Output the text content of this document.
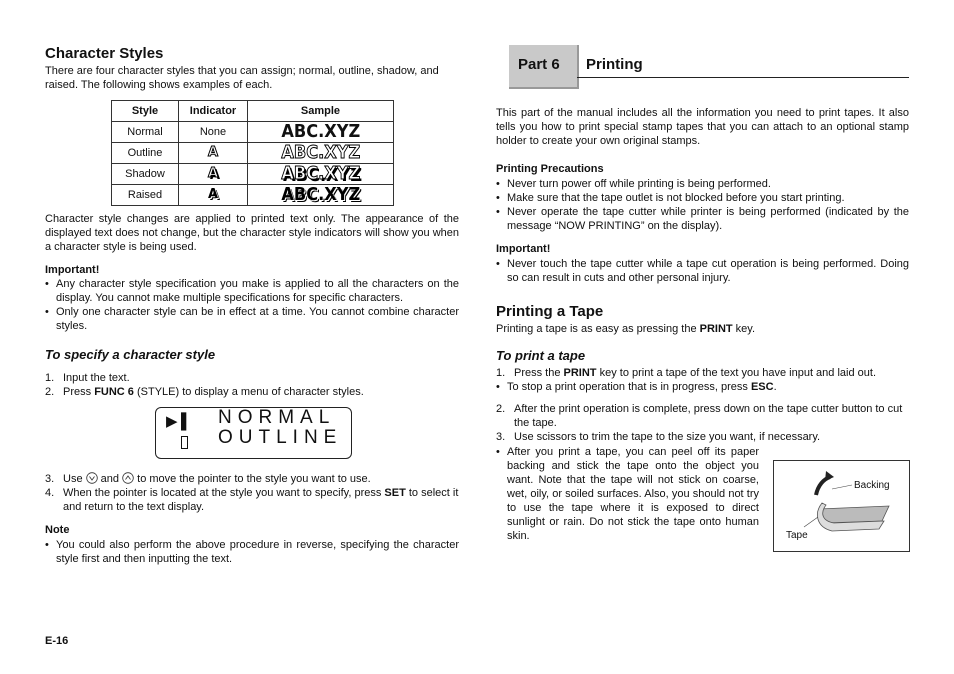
Character Styles

There are four character styles that you can assign; normal, outline, shadow, and raised. The following shows examples of each.

Style	Indicator	Sample
Normal	None	ABC.XYZ
Outline	A	ABC.XYZ
Shadow	A	ABC.XYZ
Raised	A	ABC.XYZ

Character style changes are applied to printed text only. The appearance of the displayed text does not change, but the character style indicators will show you when a character style is being used.

Important!

• Any character style specification you make is applied to all the characters on the display. You cannot make multiple specifications for specific characters.

• Only one character style can be in effect at a time. You cannot combine character styles.

To specify a character style

1. Input the text.

2. Press FUNC 6 (STYLE) to display a menu of character styles.

▶ ▌ NORMAL
OUTLINE

3. Use  and  to move the pointer to the style you want to use.

4. When the pointer is located at the style you want to specify, press SET to select it and return to the text display.

Note

• You could also perform the above procedure in reverse, specifying the character style first and then inputting the text.

E-16
Part 6 Printing

This part of the manual includes all the information you need to print tapes. It also tells you how to print special stamp tapes that you can attach to an optional stamp holder to create your own original stamps.

Printing Precautions

• Never turn power off while printing is being performed.

• Make sure that the tape outlet is not blocked before you start printing.

• Never operate the tape cutter while printer is being performed (indicated by the message “NOW PRINTING” on the display).

Important!

• Never touch the tape cutter while a tape cut operation is being performed. Doing so can result in cuts and other personal injury.

Printing a Tape

Printing a tape is as easy as pressing the PRINT key.

To print a tape

1. Press the PRINT key to print a tape of the text you have input and laid out.

• To stop a print operation that is in progress, press ESC.

2. After the print operation is complete, press down on the tape cutter button to cut the tape.

3. Use scissors to trim the tape to the size you want, if necessary.

• After you print a tape, you can peel off its paper backing and stick the tape onto the object you want. Note that the tape will not stick on coarse, wet, oily, or soiled surfaces. Also, you should not try to use the tape where it is exposed to direct sunlight or rain. Do not stick the tape onto human skin.

Backing
Tape
